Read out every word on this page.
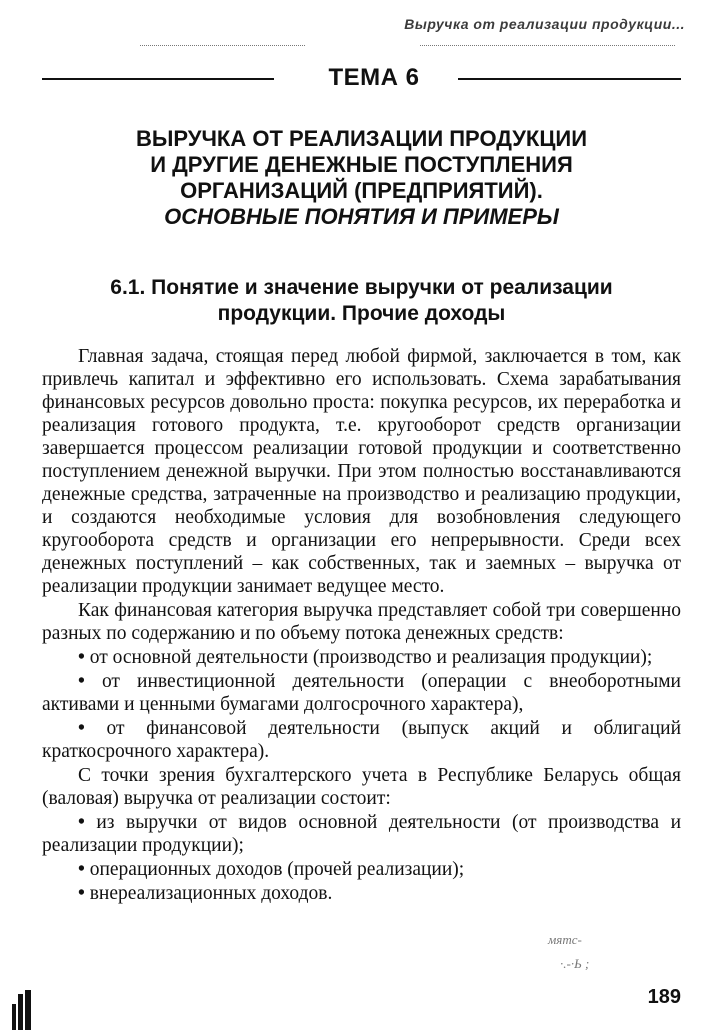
Выручка от реализации продукции...
ТЕМА 6
ВЫРУЧКА ОТ РЕАЛИЗАЦИИ ПРОДУКЦИИ
И ДРУГИЕ ДЕНЕЖНЫЕ ПОСТУПЛЕНИЯ
ОРГАНИЗАЦИЙ (ПРЕДПРИЯТИЙ).
ОСНОВНЫЕ ПОНЯТИЯ И ПРИМЕРЫ
6.1. Понятие и значение выручки от реализации
продукции. Прочие доходы

Главная задача, стоящая перед любой фирмой, заключается в том, как привлечь капитал и эффективно его использовать. Схема зарабатывания финансовых ресурсов довольно проста: покупка ресурсов, их переработка и реализация готового продукта, т.е. кругооборот средств организации завершается процессом реализации готовой продукции и соответственно поступлением денежной выручки. При этом полностью восстанавливаются денежные средства, затраченные на производство и реализацию продукции, и создаются необходимые условия для возобновления следующего кругооборота средств и организации его непрерывности. Среди всех денежных поступлений – как собственных, так и заемных – выручка от реализации продукции занимает ведущее место.

Как финансовая категория выручка представляет собой три совершенно разных по содержанию и по объему потока денежных средств:

• от основной деятельности (производство и реализация продукции);

• от инвестиционной деятельности (операции с внеоборотными активами и ценными бумагами долгосрочного характера),

• от финансовой деятельности (выпуск акций и облигаций краткосрочного характера).

С точки зрения бухгалтерского учета в Республике Беларусь общая (валовая) выручка от реализации состоит:

• из выручки от видов основной деятельности (от производства и реализации продукции);

• операционных доходов (прочей реализации);

• внереализационных доходов.

мятс-
·.-·Ь ;
189
